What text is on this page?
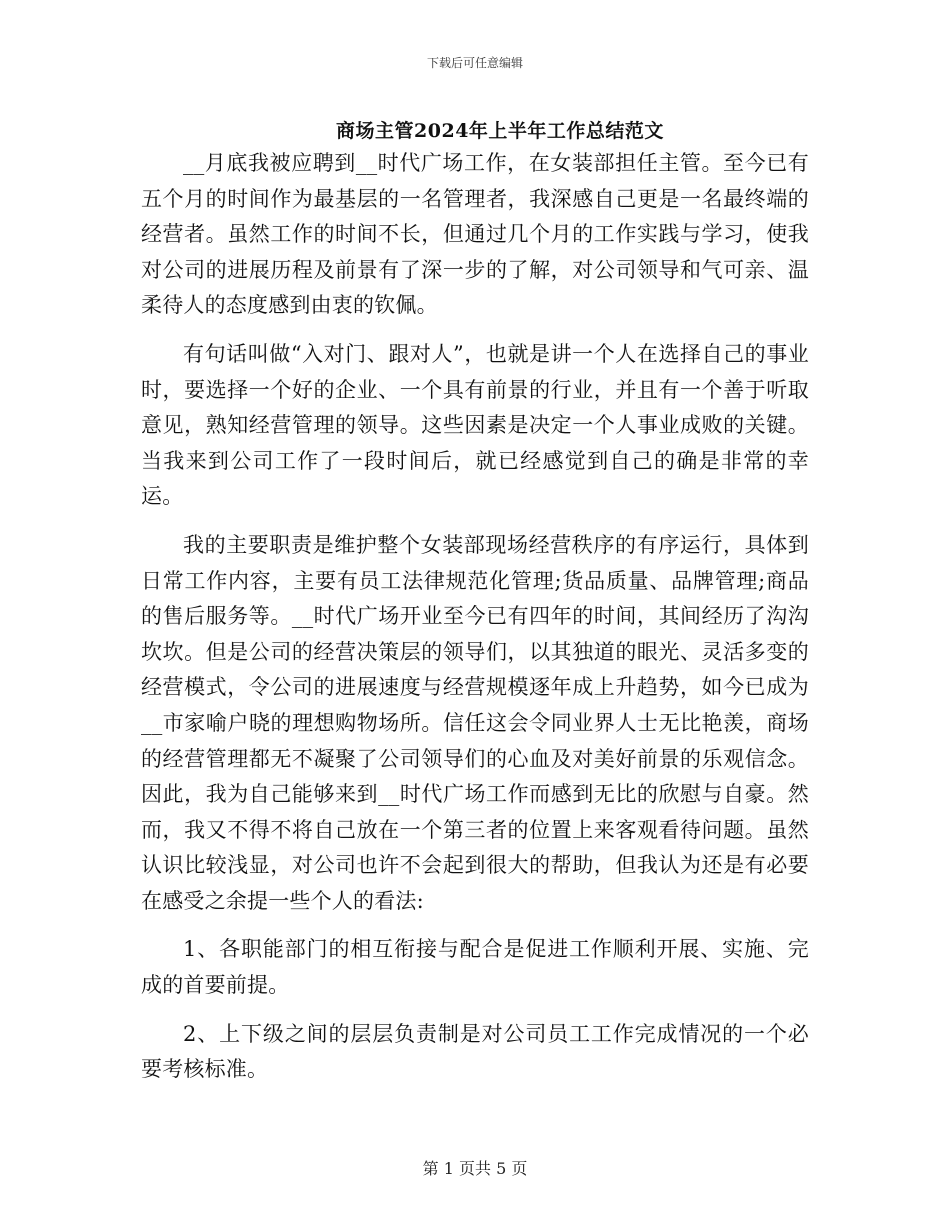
下载后可任意编辑
商场主管2024年上半年工作总结范文

__月底我被应聘到__时代广场工作，在女装部担任主管。至今已有五个月的时间作为最基层的一名管理者，我深感自己更是一名最终端的经营者。虽然工作的时间不长，但通过几个月的工作实践与学习，使我对公司的进展历程及前景有了深一步的了解，对公司领导和气可亲、温柔待人的态度感到由衷的钦佩。

有句话叫做“入对门、跟对人”，也就是讲一个人在选择自己的事业时，要选择一个好的企业、一个具有前景的行业，并且有一个善于听取意见，熟知经营管理的领导。这些因素是决定一个人事业成败的关键。当我来到公司工作了一段时间后，就已经感觉到自己的确是非常的幸运。

我的主要职责是维护整个女装部现场经营秩序的有序运行，具体到日常工作内容，主要有员工法律规范化管理;货品质量、品牌管理;商品的售后服务等。__时代广场开业至今已有四年的时间，其间经历了沟沟坎坎。但是公司的经营决策层的领导们，以其独道的眼光、灵活多变的经营模式，令公司的进展速度与经营规模逐年成上升趋势，如今已成为__市家喻户晓的理想购物场所。信任这会令同业界人士无比艳羡，商场的经营管理都无不凝聚了公司领导们的心血及对美好前景的乐观信念。因此，我为自己能够来到__时代广场工作而感到无比的欣慰与自豪。然而，我又不得不将自己放在一个第三者的位置上来客观看待问题。虽然认识比较浅显，对公司也许不会起到很大的帮助，但我认为还是有必要在感受之余提一些个人的看法:

1、各职能部门的相互衔接与配合是促进工作顺利开展、实施、完成的首要前提。

2、上下级之间的层层负责制是对公司员工工作完成情况的一个必要考核标准。

第 1 页共 5 页
